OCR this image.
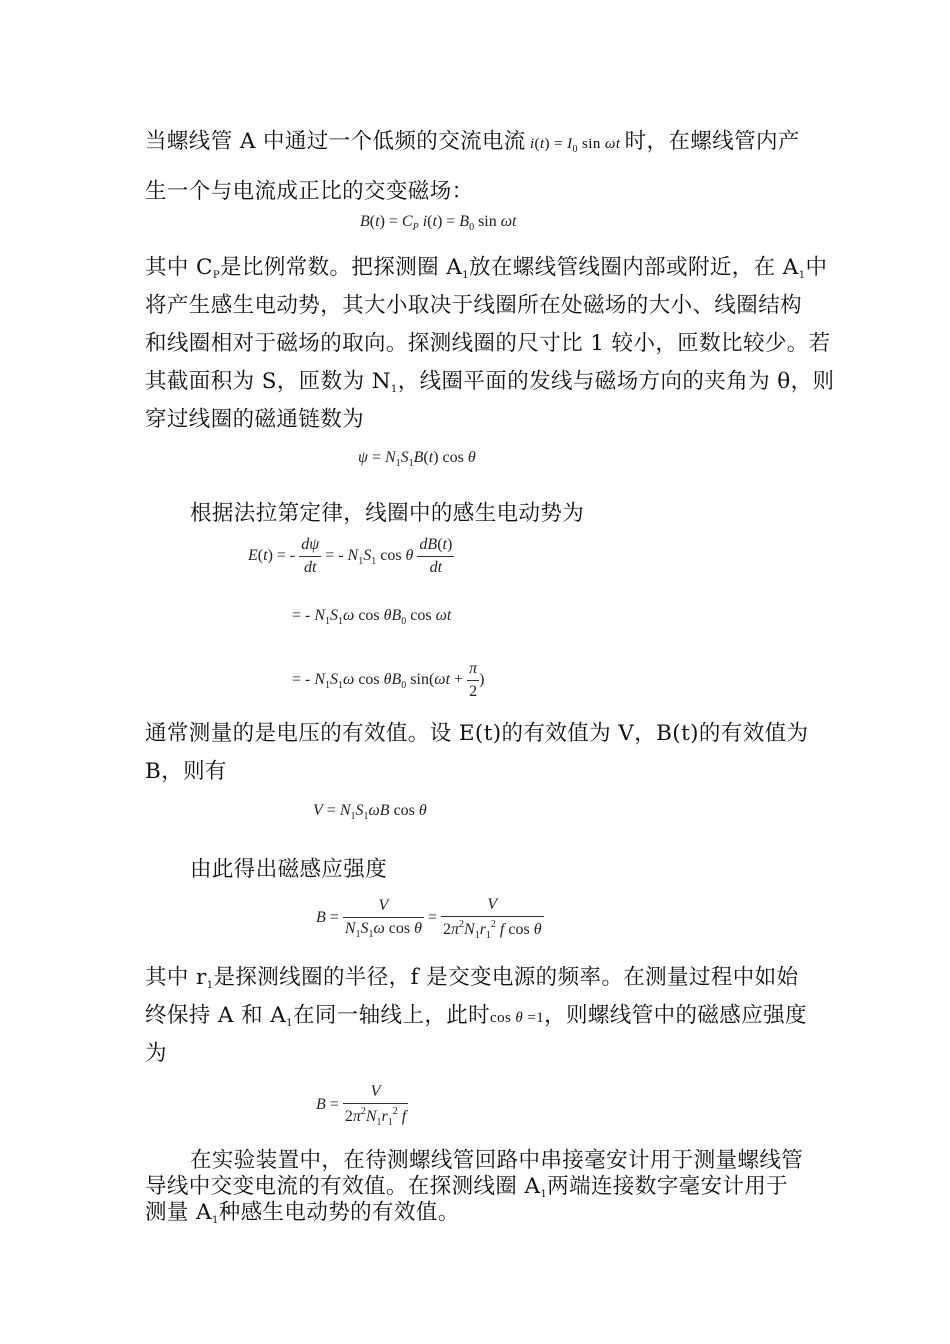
当螺线管 A 中通过一个低频的交流电流 $i(t) = I_0$ sin ωt 时，在螺线管内产
生一个与电流成正比的交变磁场：
$B(t) = C_P$ $i(t) = B_0$ sin ωt
其中 $C_P$是比例常数。把探测圈 $A_1$放在螺线管线圈内部或附近，在 $A_1$中
将产生感生电动势，其大小取决于线圈所在处磁场的大小、线圈结构
和线圈相对于磁场的取向。探测线圈的尺寸比 1 较小，匝数比较少。若
其截面积为 S，匝数为 $N_1$，线圈平面的发线与磁场方向的夹角为 θ，则
穿过线圈的磁通链数为
$\psi = N_1S_1B(t)$ cos θ
根据法拉第定律，线圈中的感生电动势为
E(t) = - $\frac{d\psi}{dt}$ = - $N_1S_1$ cos θ $\frac{dB(t)}{dt}$
= - $N_1S_1\omega$ $\cos \theta B_0$ cos ωt
= - $N_1S_1\omega$ $\cos \theta B_0$ $\sin(\omega t + \frac{\pi}{2}$ )
通常测量的是电压的有效值。设 E(t)的有效值为 V，B(t)的有效值为
B，则有
$V = N_1S_1\omega B$ cos θ
由此得出磁感应强度
$B = \frac{V}{N_1S_1\omega \cos \theta} = \frac{V}{2\pi^2N_1r_1^2 f \cos \theta}$
其中 $r_1$是探测线圈的半径，f 是交变电源的频率。在测量过程中如始
终保持 A 和 $A_1$在同一轴线上，此时cos θ =1，则螺线管中的磁感应强度
为
$B = \frac{V}{2\pi^2N_1r_1^2 f}$
在实验装置中，在待测螺线管回路中串接毫安计用于测量螺线管
导线中交变电流的有效值。在探测线圈 $A_1$两端连接数字毫安计用于
测量 $A_1$种感生电动势的有效值。
